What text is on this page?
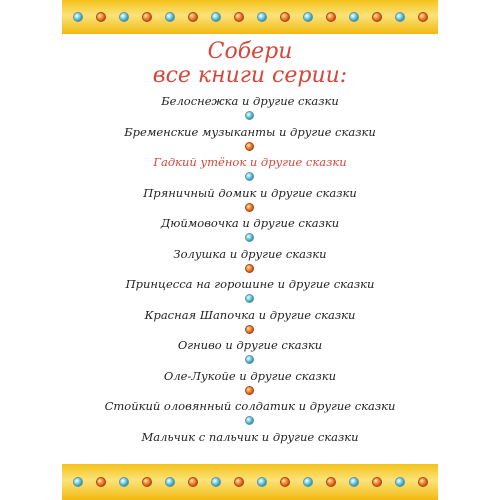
Собери
все книги серии:
Белоснежка и другие сказки
Бременские музыканты и другие сказки
Гадкий утёнок и другие сказки
Пряничный домик и другие сказки
Дюймовочка и другие сказки
Золушка и другие сказки
Принцесса на горошине и другие сказки
Красная Шапочка и другие сказки
Огниво и другие сказки
Оле-Лукойе и другие сказки
Стойкий оловянный солдатик и другие сказки
Мальчик с пальчик и другие сказки
